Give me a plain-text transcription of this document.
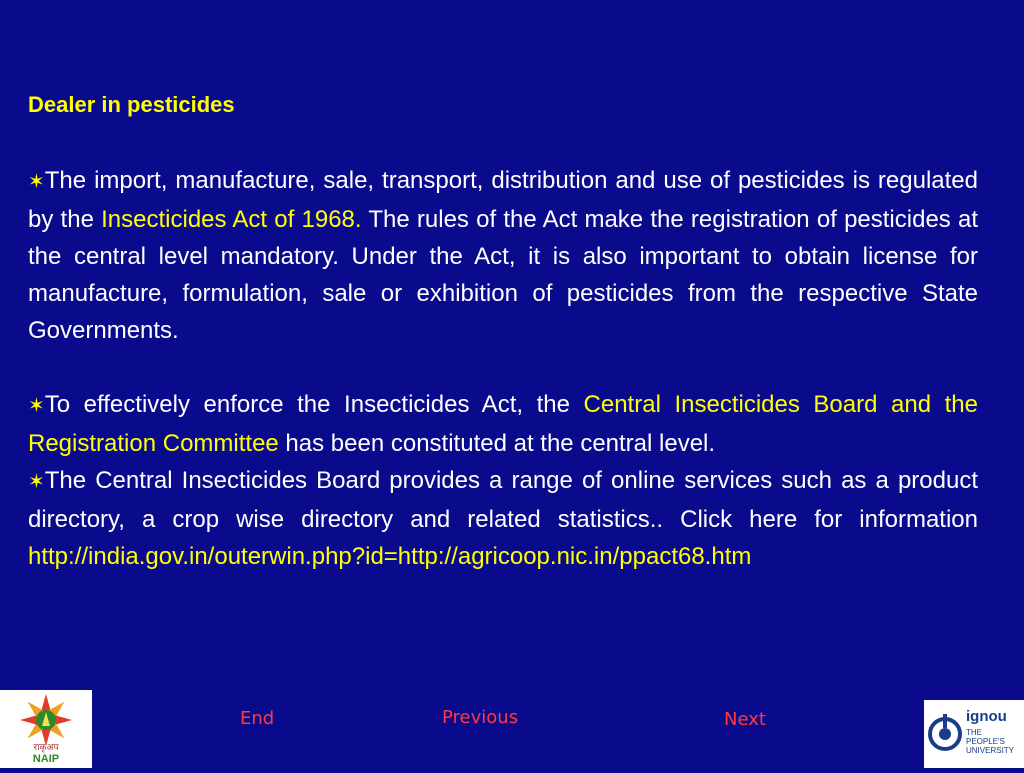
Dealer in pesticides

✶The import, manufacture, sale, transport, distribution and use of pesticides is regulated by the Insecticides Act of 1968. The rules of the Act make the registration of pesticides at the central level mandatory. Under the Act, it is also important to obtain license for manufacture, formulation, sale or exhibition of pesticides from the respective State Governments.

✶To effectively enforce the Insecticides Act, the Central Insecticides Board and the Registration Committee has been constituted at the central level.

✶The Central Insecticides Board provides a range of online services such as a product directory, a crop wise directory and related statistics.. Click here for information http://india.gov.in/outerwin.php?id=http://agricoop.nic.in/ppact68.htm

End	Previous	Next
राकृअप
NAIP
ignou
THE PEOPLE'S UNIVERSITY
